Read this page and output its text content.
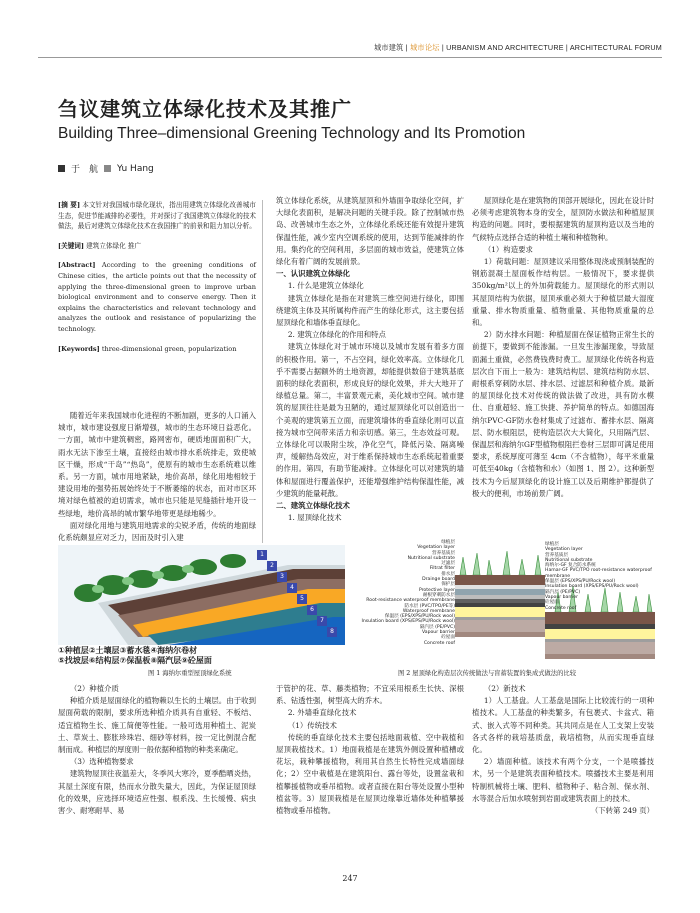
城市建筑 | 城市论坛 | URBANISM AND ARCHITECTURE | ARCHITECTURAL FORUM
刍议建筑立体绿化技术及其推广
Building Three–dimensional Greening Technology and Its Promotion
于　航 Yu Hang

[摘 要] 本文针对我国城市绿化现状，指出用建筑立体绿化改善城市生态，促进节能减排的必要性，并对探讨了我国建筑立体绿化的技术做法，最后对建筑立体绿化技术在我国推广的前景和阻力加以分析。

[关键词] 建筑立体绿化 推广

[Abstract] According to the greening conditions of Chinese cities，the article points out that the necessity of applying the three-dimensional green to improve urban biological environment and to conserve energy. Then it explains the characteristics and relevant technology and analyzes the outlook and resistance of popularizing the technology.

[Keywords] three-dimensional green, popularization

随着近年来我国城市化进程的不断加剧，更多的人口涌入城市，城市建设强度日渐增强，城市的生态环境日益恶化。一方面，城市中建筑稠密，路网密布，硬质地面面积广大，雨水无法下渗至土壤，直接经由城市排水系统排走，致使城区干燥，形成“干岛”“热岛”，使原有的城市生态系统难以维系。另一方面，城市用地紧缺，地价高昂，绿化用地相较于建设用地的强势拓展始终处于不断萎缩的状态，而对市区环境对绿色植被的迫切需求，城市也只能是见缝插针地开设一些绿地，地价高昂的城市繁华地带更是绿地稀少。

面对绿化用地与建筑用地需求的尖锐矛盾，传统的地面绿化系统颇显应对乏力，因而及时引入建

筑立体绿化系统，从建筑屋顶和外墙面争取绿化空间，扩大绿化表面积，是解决问题的关键手段。除了控制城市热岛、改善城市生态之外，立体绿化系统还能有效提升建筑保温性能，减少室内空调系统的使用，达到节能减排的作用。集约化的空间利用，多层面的城市效益，使建筑立体绿化有着广阔的发展前景。

一、认识建筑立体绿化

1. 什么是建筑立体绿化

建筑立体绿化是指在对建筑三维空间进行绿化，即围绕建筑主体及其所属构件而产生的绿化形式，这主要包括屋顶绿化和墙体垂直绿化。

2. 建筑立体绿化的作用和特点

建筑立体绿化对于城市环境以及城市发展有着多方面的积极作用。第一，不占空间，绿化效率高。立体绿化几乎不需要占据额外的土地资源，却能提供数倍于建筑基底面积的绿化表面积，形成良好的绿化效果，并大大地开了绿植总量。第二，丰富景观元素，美化城市空间。城市建筑的屋顶往往是最为丑陋的，通过屋顶绿化可以创造出一个美观的建筑第五立面，而建筑墙体的垂直绿化则可以直接为城市空间带来活力和亲切感。第三，生态效益可观。立体绿化可以吸附尘埃，净化空气，降低污染、隔离噪声，缓解热岛效应，对于维系保持城市生态系统起着重要的作用。第四，有助节能减排。立体绿化可以对建筑的墙体和屋面进行覆盖保护，还能增强维护结构保温性能，减少建筑的能量耗散。

二、建筑立体绿化技术

1. 屋顶绿化技术

屋顶绿化是在建筑物的顶部开展绿化，因此在设计时必须考虑建筑物本身的安全，屋顶防水做法和种植屋顶构造的问题。同时，要根据建筑的屋顶构造以及当地的气候特点选择合适的种植土壤和种植物种。

（1）构造要求

1）荷载问题：屋顶建议采用整体现浇或预制装配的钢筋混凝土屋面板作结构层。一般情况下，要求提供350kg/m²以上的外加荷载能力。屋顶绿化的形式则以其屋顶结构为依据，屋顶承重必须大于种植层最大湿度重量、排水物质重量、植物重量、其他物质重量的总和。

2）防水排水问题：种植屋面在保证植物正常生长的前提下，要做到不能渗漏。一旦发生渗漏现象，导致屋面漏土重做，必然费钱费时费工。屋顶绿化传统各构造层次自下而上一般为：建筑结构层、建筑结构防水层、耐根系穿刺防水层、排水层、过滤层和种植介质。最新的屋顶绿化技术对传统的做法做了改进，具有防水模仕、自重超轻、施工快捷、养护简单的特点。如德国海纳尔PVC-GF防水卷材集成了过滤布、蓄排水层、隔离层、防水根阻层，使构造层次大大简化，只用隔汽层、保温层和海纳尔GF型植物根阻拦卷材三层即可满足使用要求，系统厚度可薄至 4cm（不含植物），每平米重量可低至40kg（含植物和水）（如图 1、图 2）。这种新型技术为今后屋顶绿化的设计施工以及后期维护都提供了极大的便利，市场前景广阔。

1
2
3
4
5
6
7
8
①种植层②土壤层③蓄水毯④海纳尔卷材
⑤找坡层⑥结构层⑦保温板⑧隔汽层⑨砼屋面
图 1 海纳尔重型屋顶绿化系统
绿植层
Vegetation layer
营养基质层
Nutritional substrate
过滤层
Filtrat filter
排水层
Drainge board
保护层
Protective layer
耐根穿刺防水层
Root-resistance waterproof membrane
防水层 (PVC/TPO/PE等)
Waterproof membrane
保温层 (EPS/XPS/PU/Rock wool)
Insulation board (XPS/EPS/PU/Rock wool)
隔汽层 (PE/PVC)
Vapour barrier
砼屋面
Concrete roof
绿植层
Vegetation layer
营养基质层
Nutritional substrate
海纳尔-GF 复合防水系统
Hamar-GF PVC/TPO root-resistance waterproof membrane
保温层 (EPS/XPS/PU/Rock wool)
Insulation board (XPS/EPS/PU/Rock wool)
隔汽层 (PE/PVC)
Vapour barrier
砼屋面
Concrete roof
图 2 屋顶绿化构造层次传统做法与盲蓄装置的集成式做法的比较

（2）种植介质

种植介质是屋面绿化的植物赖以生长的土壤层。由于收到屋面荷载的限制，要求所选种植介质具有自重轻、不板结、适宜植物生长、施工简便等性能。一般可选用种植土、泥炭土、草炭土、膨胀珍珠岩、细砂等材料，按一定比例混合配制而成。种植层的厚度则一般依据种植物的种类来确定。

（3）选种植物要求

建筑物屋顶往夜温差大，冬季风大寒冷，夏季酷晒炎热，其屋土深度有限，热而水分散失量大，因此，为保证屋顶绿化的效果，应选择环境适应性强、根系浅、生长缓慢、病虫害少、耐寒耐旱、易

于管护的花、草、藤类植物；不宜采用根系生长快、深根系、钻透性强，树型高大的乔木。

2. 外墙垂直绿化技术

（1）传统技术

传统的垂直绿化技术主要包括地面栽植、空中栽植和屋顶栽植技术。1）地面栽植是在建筑外侧设置种植槽或花坛，栽种攀援植物，利用其自然生长特性完成墙面绿化；2）空中栽植是在建筑阳台、露台等处，设置盆栽和植攀援植物或垂吊植物。或者直接在阳台等处设置小型种植盆等。3）屋顶栽植是在屋顶边缘靠近墙体处种植攀援植物或垂吊植物。

（2）新技术

1）人工基盘。人工基盘是国际上比较流行的一项种植技术。人工基盘的种类繁多，有包裹式、卡盆式、箱式、嵌入式等不同种类。其共同点是在人工支架上安装各式各样的栽培基质盘，栽培植物，从而实现垂直绿化。

2）墙面种植。该技术有两个分支，一个是喷播技术，另一个是建筑表面种植技术。喷播技术主要是利用特制机械将土壤、肥料、植物种子、粘合剂、保水剂、水等混合后加水喷射到岩面或建筑表面上的技术。

（下转第 249 页）

247
